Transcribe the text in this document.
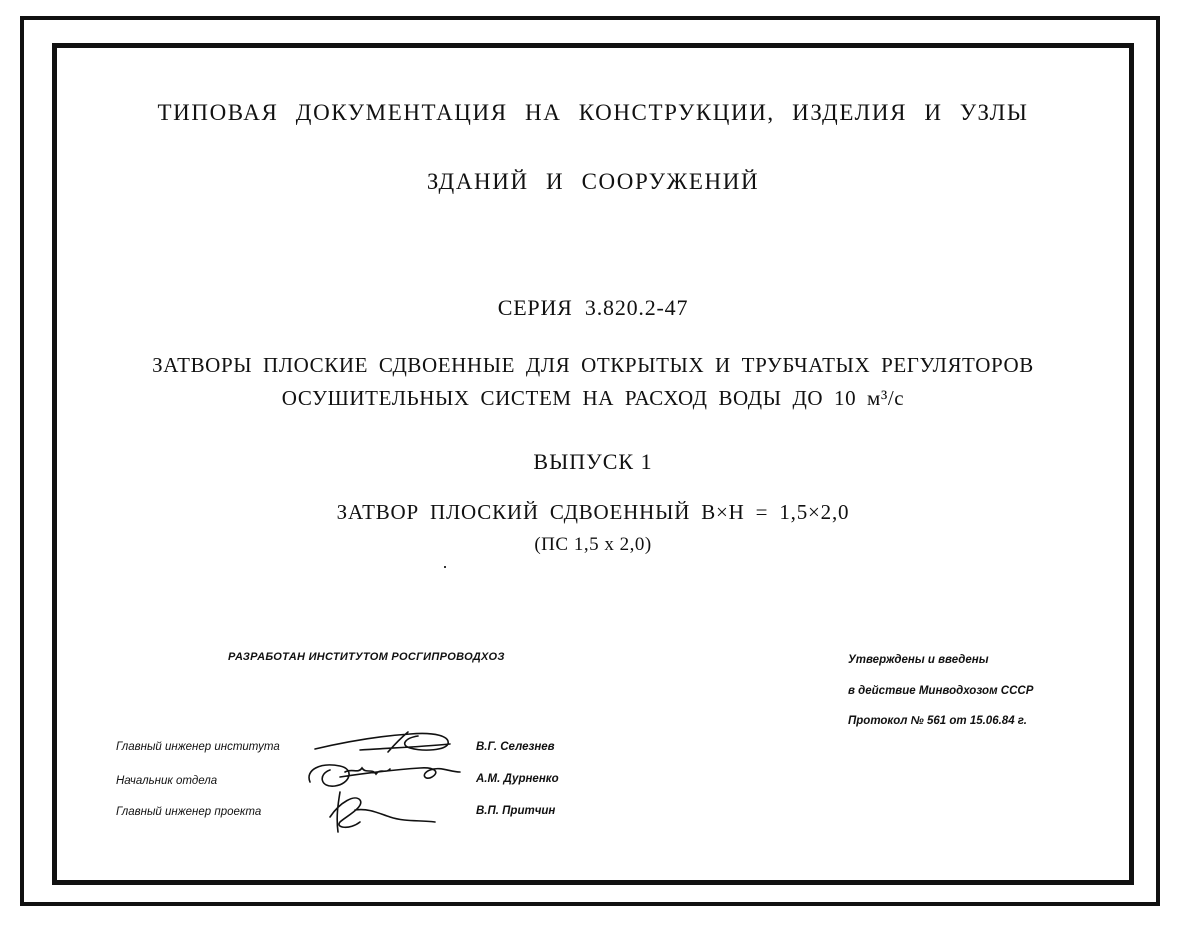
ТИПОВАЯ ДОКУМЕНТАЦИЯ НА КОНСТРУКЦИИ, ИЗДЕЛИЯ И УЗЛЫ
ЗДАНИЙ И СООРУЖЕНИЙ
СЕРИЯ 3.820.2-47
ЗАТВОРЫ ПЛОСКИЕ СДВОЕННЫЕ ДЛЯ ОТКРЫТЫХ И ТРУБЧАТЫХ РЕГУЛЯТОРОВ
ОСУШИТЕЛЬНЫХ СИСТЕМ НА РАСХОД ВОДЫ ДО 10 м³/с
ВЫПУСК 1
ЗАТВОР ПЛОСКИЙ СДВОЕННЫЙ В×Н = 1,5×2,0
(ПС 1,5 х 2,0)
РАЗРАБОТАН ИНСТИТУТОМ РОСГИПРОВОДХОЗ	Утверждены и введены
в действие Минводхозом СССР
Протокол № 561 от 15.06.84 г.
Главный инженер института
Начальник отдела
Главный инженер проекта
В.Г. Селезнев
А.М. Дурненко
В.П. Притчин
